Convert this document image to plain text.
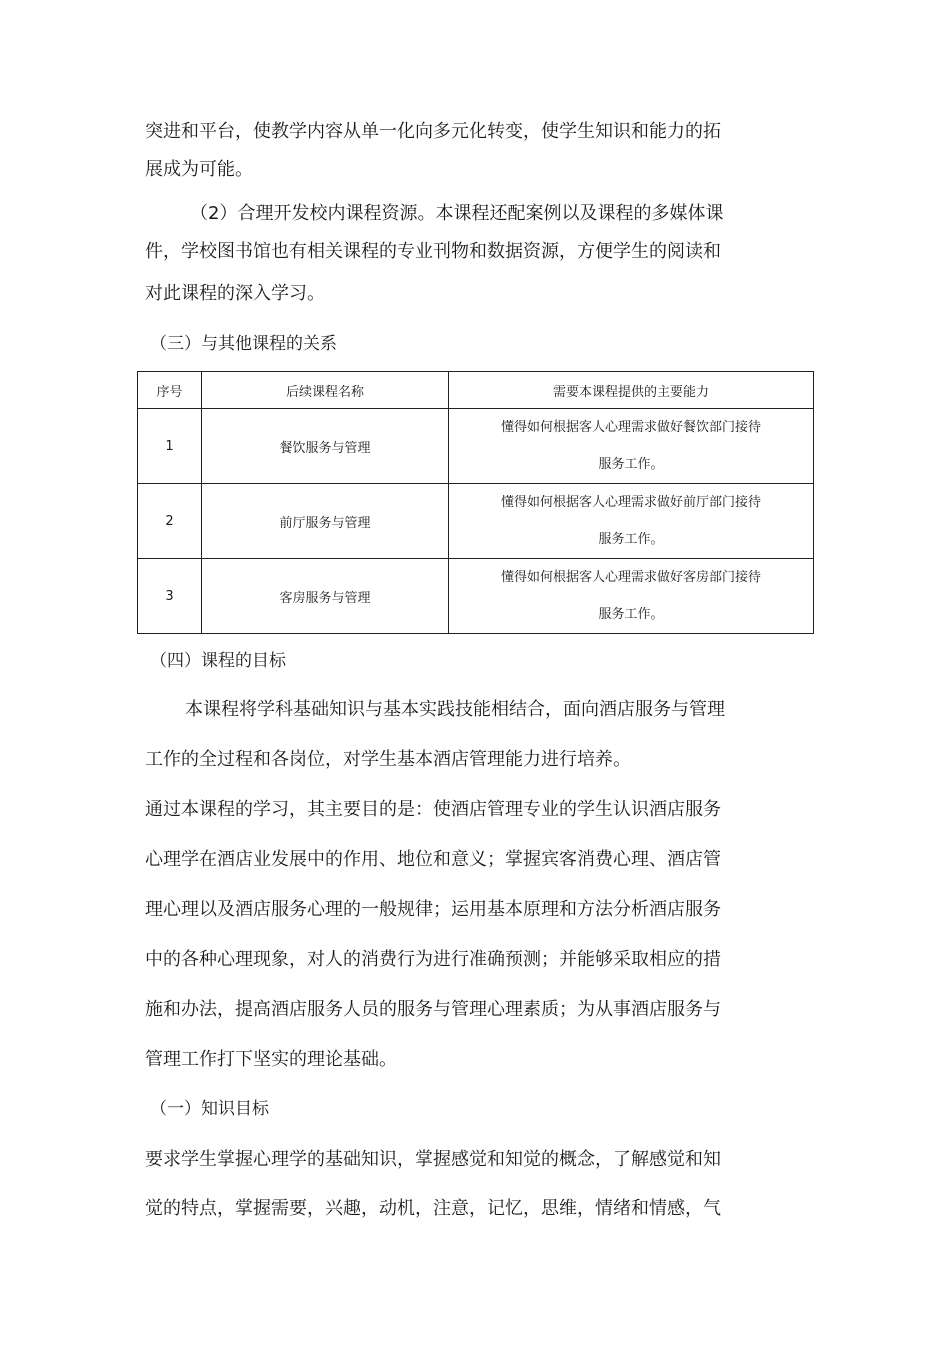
突进和平台，使教学内容从单一化向多元化转变，使学生知识和能力的拓
展成为可能。
（2）合理开发校内课程资源。本课程还配案例以及课程的多媒体课
件，学校图书馆也有相关课程的专业刊物和数据资源，方便学生的阅读和
对此课程的深入学习。
（三）与其他课程的关系
序号	后续课程名称	需要本课程提供的主要能力
1	餐饮服务与管理	懂得如何根据客人心理需求做好餐饮部门接待
服务工作。

2	前厅服务与管理	懂得如何根据客人心理需求做好前厅部门接待
服务工作。

3	客房服务与管理	懂得如何根据客人心理需求做好客房部门接待
服务工作。
（四）课程的目标
本课程将学科基础知识与基本实践技能相结合，面向酒店服务与管理
工作的全过程和各岗位，对学生基本酒店管理能力进行培养。
通过本课程的学习，其主要目的是：使酒店管理专业的学生认识酒店服务
心理学在酒店业发展中的作用、地位和意义；掌握宾客消费心理、酒店管
理心理以及酒店服务心理的一般规律；运用基本原理和方法分析酒店服务
中的各种心理现象，对人的消费行为进行准确预测；并能够采取相应的措
施和办法，提高酒店服务人员的服务与管理心理素质；为从事酒店服务与
管理工作打下坚实的理论基础。
（一）知识目标
要求学生掌握心理学的基础知识，掌握感觉和知觉的概念，了解感觉和知
觉的特点，掌握需要，兴趣，动机，注意，记忆，思维，情绪和情感，气
